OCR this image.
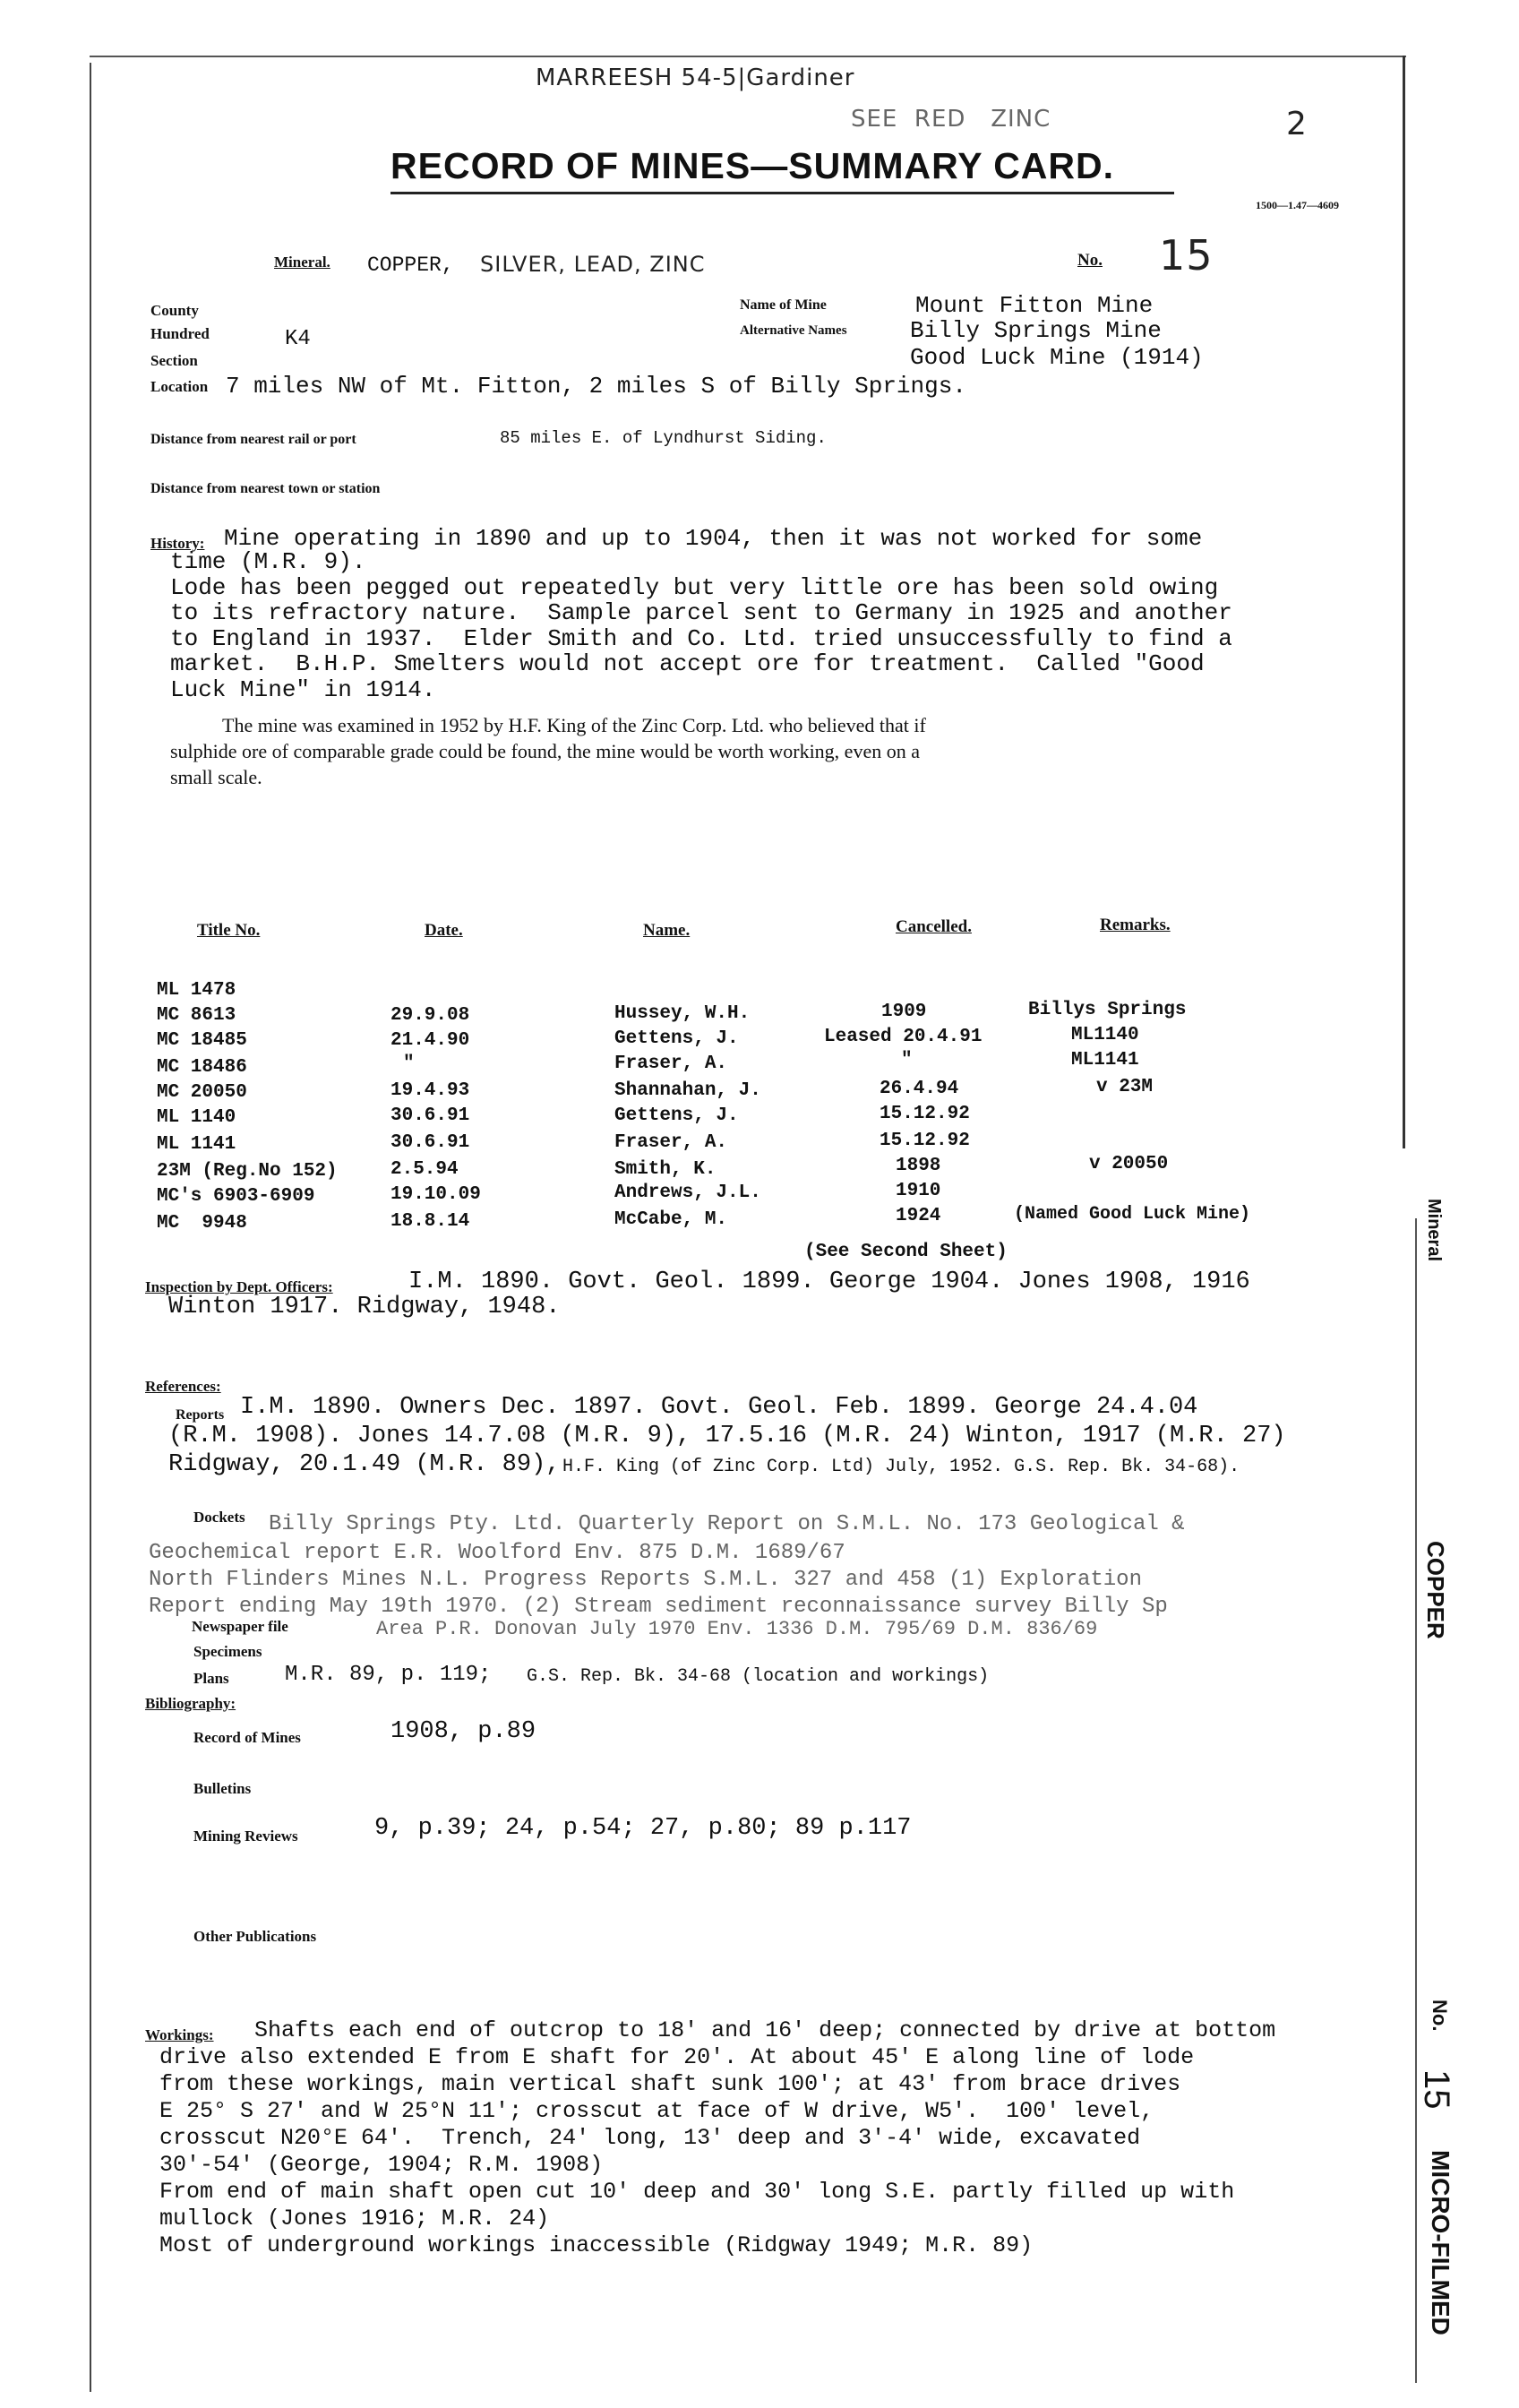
MARREESH 54-5|Gardiner
SEE  RED   ZINC	2
RECORD OF MINES—SUMMARY CARD.
1500—1.47—4609
Mineral. COPPER, SILVER, LEAD, ZINC	No. 15
County
Hundred	K4
Section
Location 7 miles NW of Mt. Fitton, 2 miles S of Billy Springs.
Name of Mine	Mount Fitton Mine
Alternative Names	Billy Springs Mine
Good Luck Mine (1914)
Distance from nearest rail or port	85 miles E. of Lyndhurst Siding.
Distance from nearest town or station
History: Mine operating in 1890 and up to 1904, then it was not worked for some
time (M.R. 9).
Lode has been pegged out repeatedly but very little ore has been sold owing
to its refractory nature.  Sample parcel sent to Germany in 1925 and another
to England in 1937.  Elder Smith and Co. Ltd. tried unsuccessfully to find a
market.  B.H.P. Smelters would not accept ore for treatment.  Called "Good
Luck Mine" in 1914.
The mine was examined in 1952 by H.F. King of the Zinc Corp. Ltd. who believed that if
sulphide ore of comparable grade could be found, the mine would be worth working, even on a
small scale.
Title No.	Date.	Name.	Cancelled.	Remarks.
ML 1478
MC 8613	29.9.08	Hussey, W.H.	1909	Billys Springs
MC 18485	21.4.90	Gettens, J.	Leased 20.4.91	ML1140
MC 18486	"	Fraser, A.	"	ML1141
MC 20050	19.4.93	Shannahan, J.	26.4.94	v 23M
ML 1140	30.6.91	Gettens, J.	15.12.92
ML 1141	30.6.91	Fraser, A.	15.12.92
23M (Reg.No 152)	2.5.94	Smith, K.	1898	v 20050
MC's 6903-6909	19.10.09	Andrews, J.L.	1910
MC  9948	18.8.14	McCabe, M.	1924	(Named Good Luck Mine)
(See Second Sheet)
Inspection by Dept. Officers:	I.M. 1890. Govt. Geol. 1899. George 1904. Jones 1908, 1916
Winton 1917. Ridgway, 1948.
References:
Reports I.M. 1890. Owners Dec. 1897. Govt. Geol. Feb. 1899. George 24.4.04
(R.M. 1908). Jones 14.7.08 (M.R. 9), 17.5.16 (M.R. 24) Winton, 1917 (M.R. 27)
Ridgway, 20.1.49 (M.R. 89), H.F. King (of Zinc Corp. Ltd) July, 1952. G.S. Rep. Bk. 34-68).
Dockets Billy Springs Pty. Ltd. Quarterly Report on S.M.L. No. 173 Geological &
Geochemical report E.R. Woolford Env. 875 D.M. 1689/67
North Flinders Mines N.L. Progress Reports S.M.L. 327 and 458 (1) Exploration
Report ending May 19th 1970. (2) Stream sediment reconnaissance survey Billy Sp
Newspaper file	Area P.R. Donovan July 1970 Env. 1336 D.M. 795/69 D.M. 836/69
Specimens
Plans	M.R. 89, p. 119; G.S. Rep. Bk. 34-68 (location and workings)
Bibliography:
Record of Mines	1908, p.89
Bulletins
Mining Reviews	9, p.39; 24, p.54; 27, p.80; 89 p.117
Other Publications
Workings: Shafts each end of outcrop to 18' and 16' deep; connected by drive at bottom
drive also extended E from E shaft for 20'. At about 45' E along line of lode
from these workings, main vertical shaft sunk 100'; at 43' from brace drives
E 25° S 27' and W 25°N 11'; crosscut at face of W drive, W5'.  100' level,
crosscut N20°E 64'.  Trench, 24' long, 13' deep and 3'-4' wide, excavated
30'-54' (George, 1904; R.M. 1908)
From end of main shaft open cut 10' deep and 30' long S.E. partly filled up with
mullock (Jones 1916; M.R. 24)
Most of underground workings inaccessible (Ridgway 1949; M.R. 89)
Mineral
COPPER
No.
15
MICRO-FILMED
